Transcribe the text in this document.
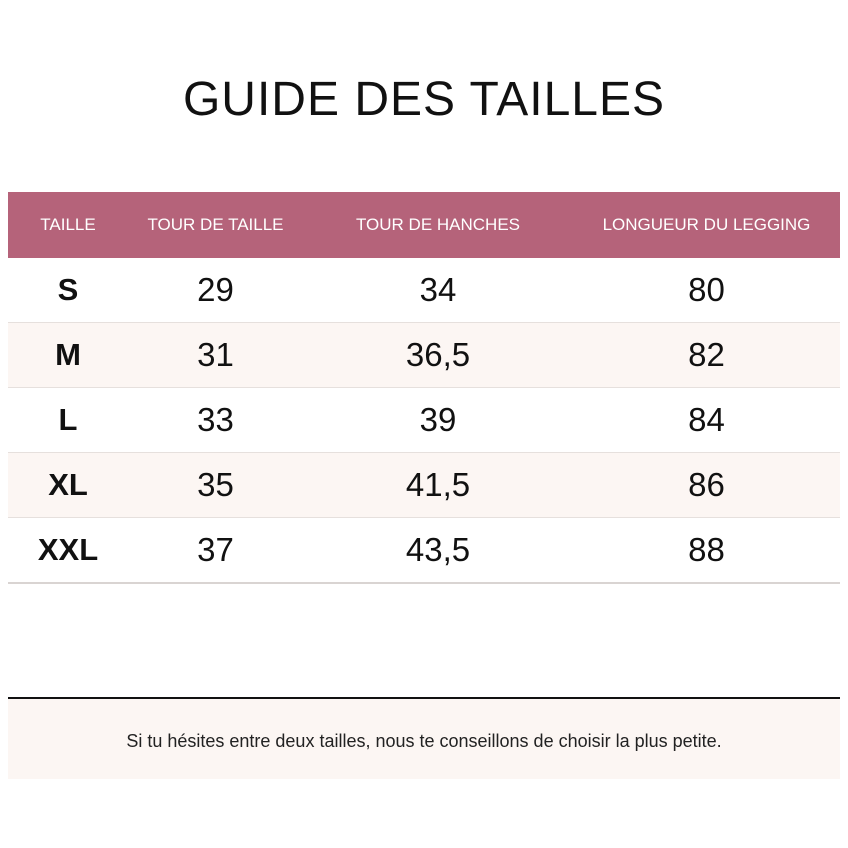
GUIDE DES TAILLES
TAILLE	TOUR DE TAILLE	TOUR DE HANCHES	LONGUEUR DU LEGGING
S	29	34	80
M	31	36,5	82
L	33	39	84
XL	35	41,5	86
XXL	37	43,5	88

Si tu hésites entre deux tailles, nous te conseillons de choisir la plus petite.
